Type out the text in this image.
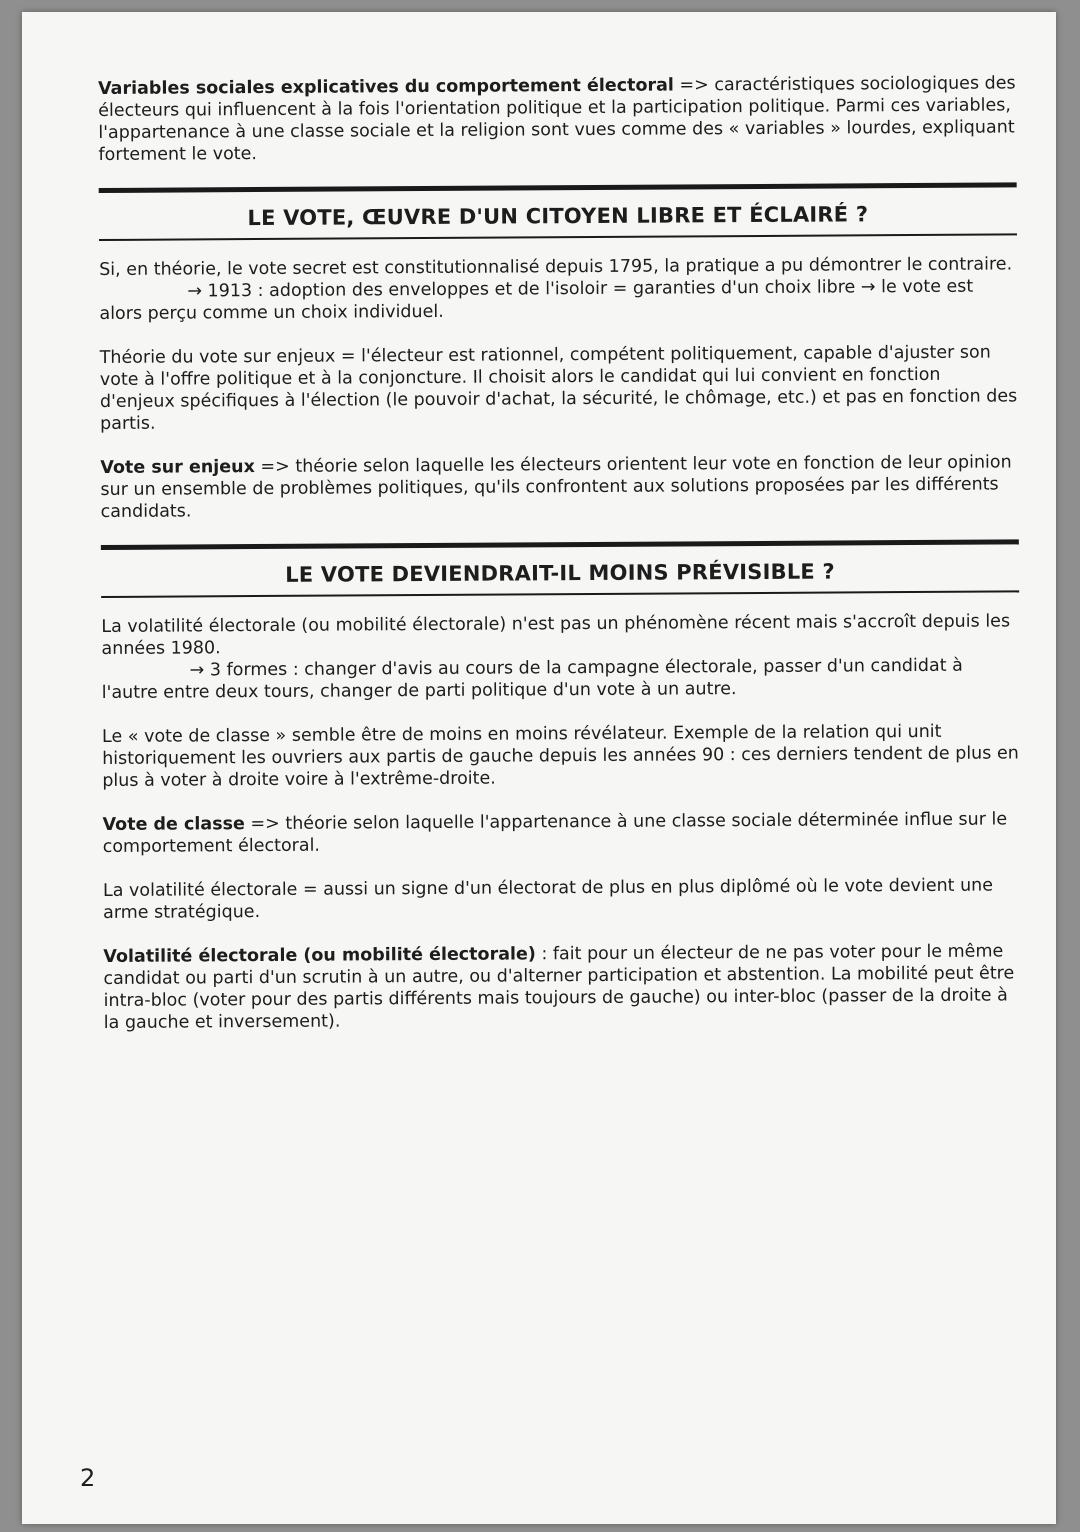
Variables sociales explicatives du comportement électoral => caractéristiques sociologiques des électeurs qui influencent à la fois l'orientation politique et la participation politique. Parmi ces variables, l'appartenance à une classe sociale et la religion sont vues comme des « variables » lourdes, expliquant fortement le vote.

LE VOTE, ŒUVRE D'UN CITOYEN LIBRE ET ÉCLAIRÉ ?

Si, en théorie, le vote secret est constitutionnalisé depuis 1795, la pratique a pu démontrer le contraire.
→ 1913 : adoption des enveloppes et de l'isoloir = garanties d'un choix libre → le vote est
alors perçu comme un choix individuel.

Théorie du vote sur enjeux = l'électeur est rationnel, compétent politiquement, capable d'ajuster son vote à l'offre politique et à la conjoncture. Il choisit alors le candidat qui lui convient en fonction d'enjeux spécifiques à l'élection (le pouvoir d'achat, la sécurité, le chômage, etc.) et pas en fonction des partis.

Vote sur enjeux => théorie selon laquelle les électeurs orientent leur vote en fonction de leur opinion sur un ensemble de problèmes politiques, qu'ils confrontent aux solutions proposées par les différents candidats.

LE VOTE DEVIENDRAIT-IL MOINS PRÉVISIBLE ?

La volatilité électorale (ou mobilité électorale) n'est pas un phénomène récent mais s'accroît depuis les années 1980.
→ 3 formes : changer d'avis au cours de la campagne électorale, passer d'un candidat à
l'autre entre deux tours, changer de parti politique d'un vote à un autre.

Le « vote de classe » semble être de moins en moins révélateur. Exemple de la relation qui unit historiquement les ouvriers aux partis de gauche depuis les années 90 : ces derniers tendent de plus en plus à voter à droite voire à l'extrême-droite.

Vote de classe => théorie selon laquelle l'appartenance à une classe sociale déterminée influe sur le comportement électoral.

La volatilité électorale = aussi un signe d'un électorat de plus en plus diplômé où le vote devient une arme stratégique.

Volatilité électorale (ou mobilité électorale) : fait pour un électeur de ne pas voter pour le même candidat ou parti d'un scrutin à un autre, ou d'alterner participation et abstention. La mobilité peut être intra-bloc (voter pour des partis différents mais toujours de gauche) ou inter-bloc (passer de la droite à la gauche et inversement).

2
